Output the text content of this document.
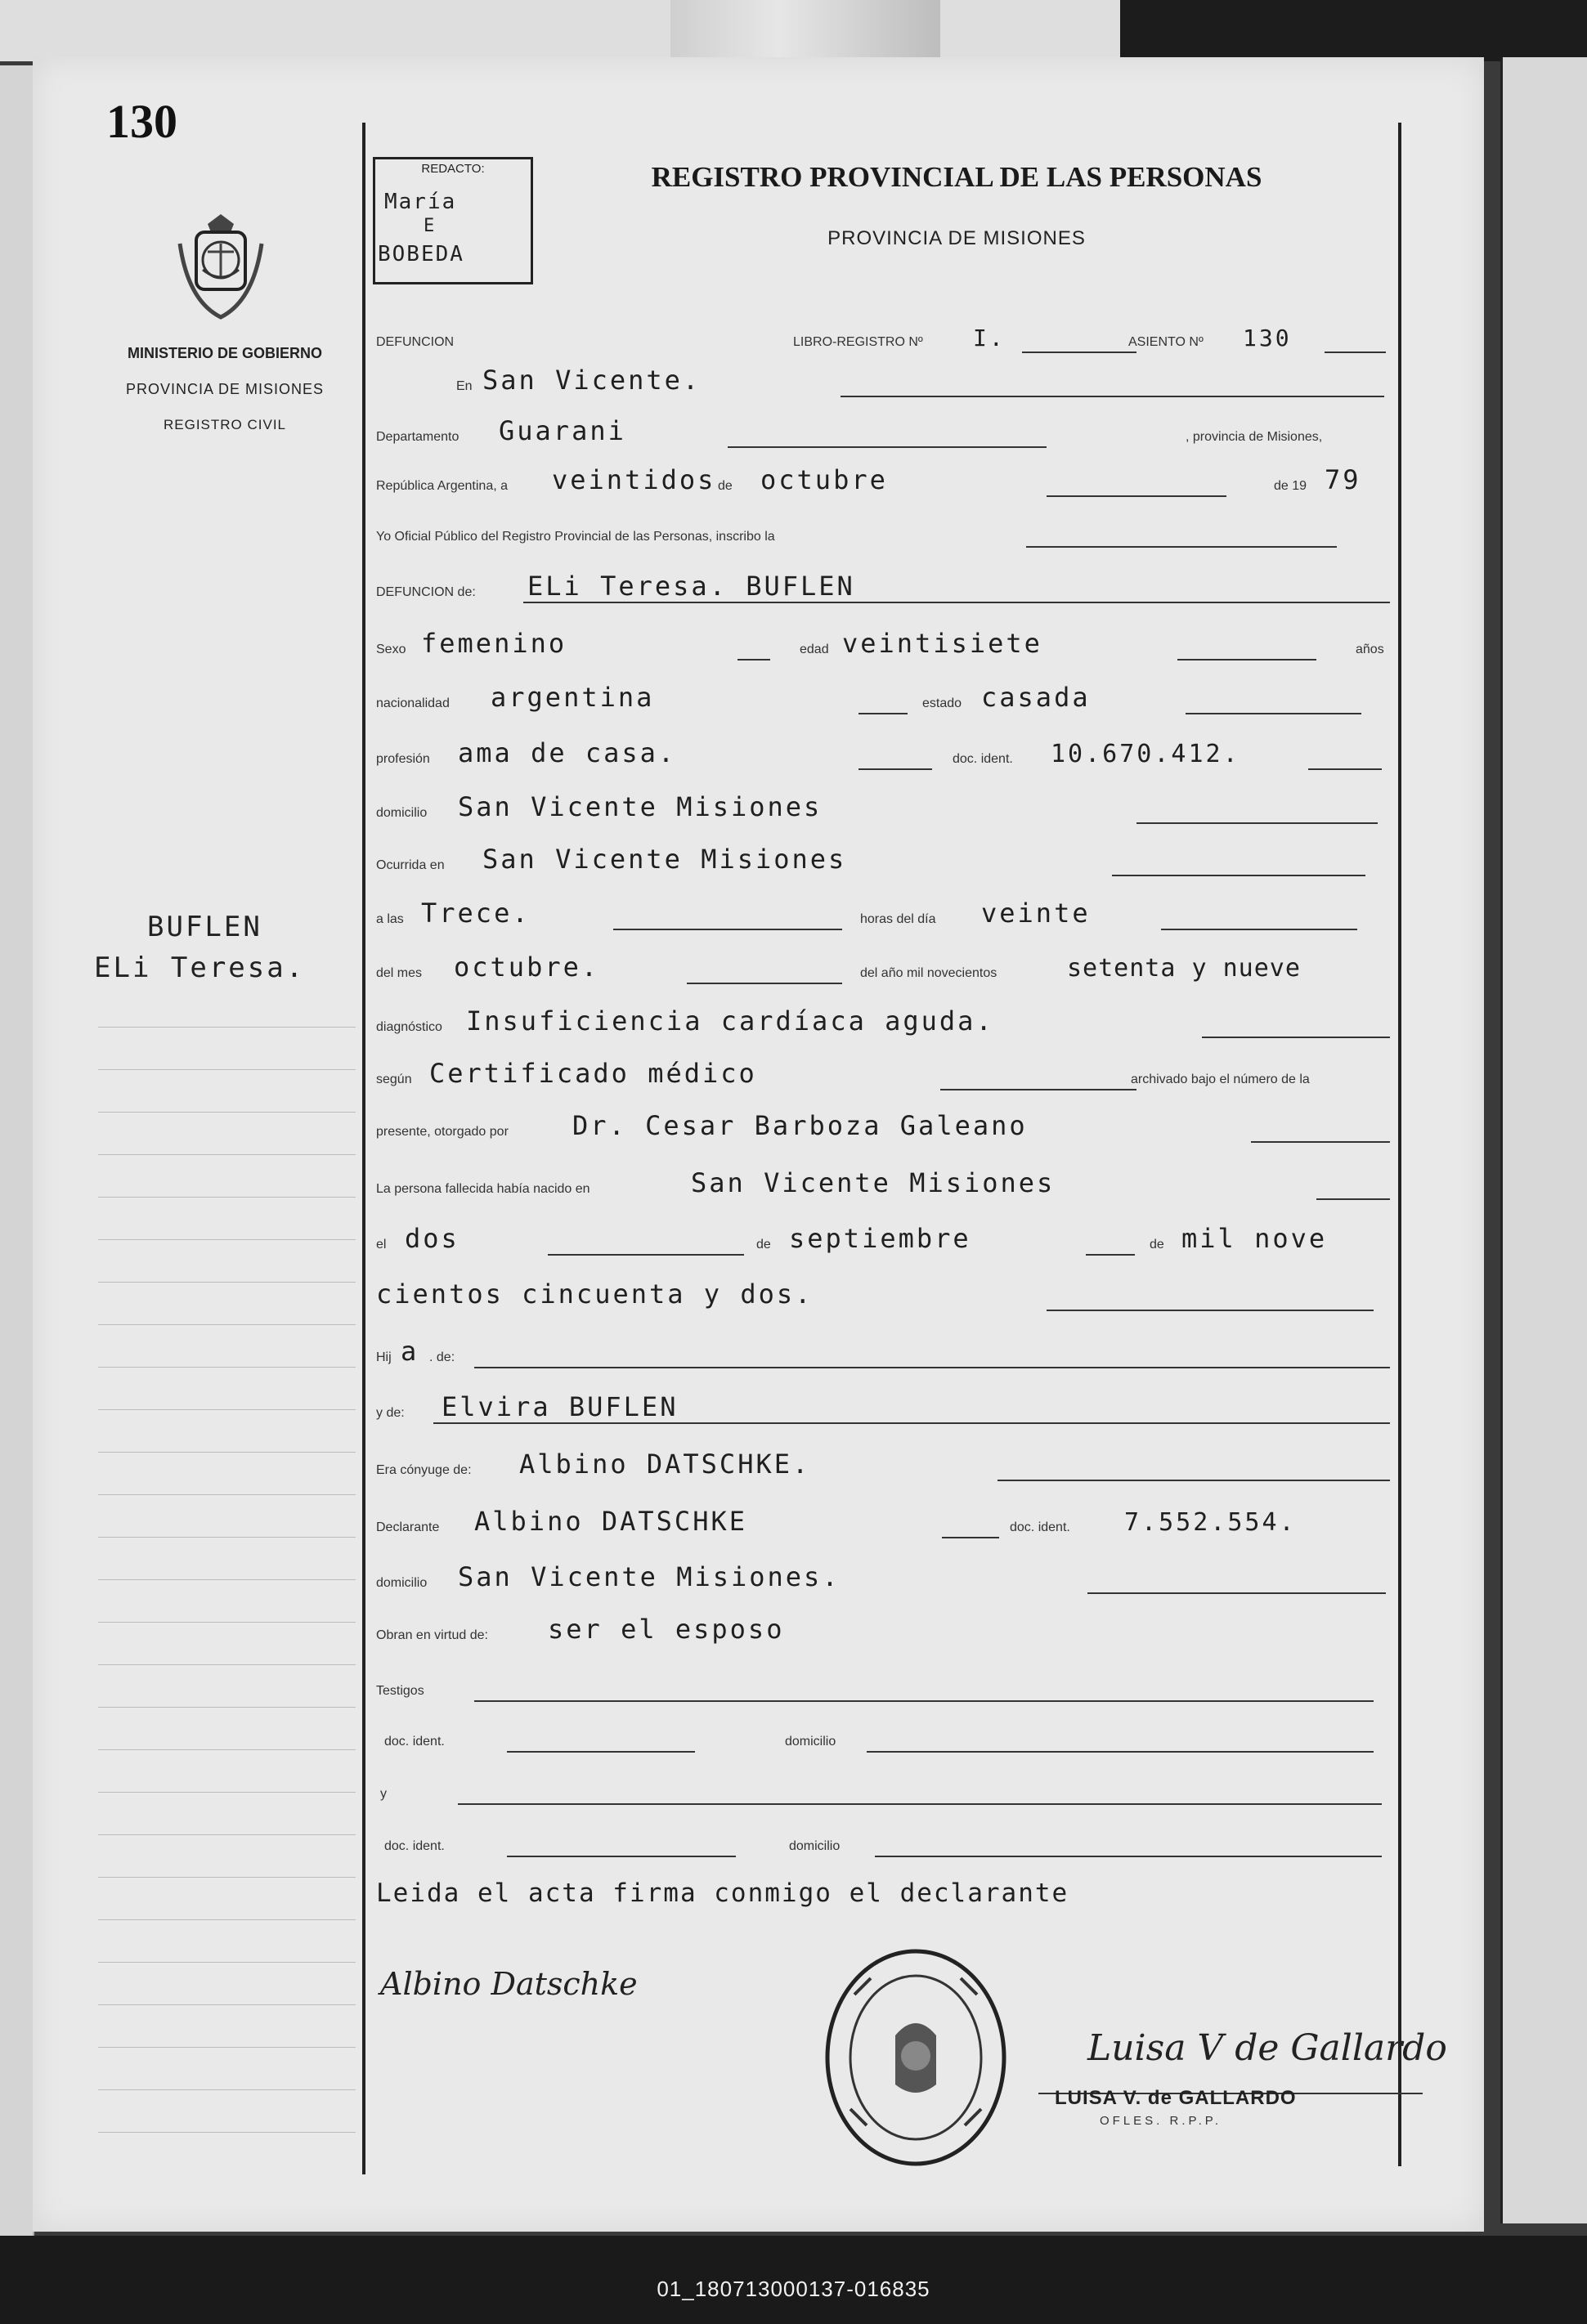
130
MINISTERIO DE GOBIERNO
PROVINCIA DE MISIONES
REGISTRO CIVIL
REDACTO:
María
E
BOBEDA
REGISTRO PROVINCIAL DE LAS PERSONAS
PROVINCIA DE MISIONES
DEFUNCION	LIBRO-REGISTRO Nº I.	ASIENTO Nº 130
En San Vicente.
Departamento Guarani	, provincia de Misiones,
República Argentina, a veintidos de octubre	de 19 79
Yo Oficial Público del Registro Provincial de las Personas, inscribo la
DEFUNCION de: ELi Teresa. BUFLEN
Sexo femenino	edad veintisiete	años
nacionalidad argentina	estado casada
profesión ama de casa.	doc. ident. 10.670.412.
domicilio San Vicente Misiones
Ocurrida en San Vicente Misiones
a las Trece.	horas del día veinte
del mes octubre.	del año mil novecientos	setenta y nueve
diagnóstico Insuficiencia cardíaca aguda.
según Certificado médico	archivado bajo el número de la
presente, otorgado por Dr. Cesar Barboza Galeano
La persona fallecida había nacido en	San Vicente Misiones
el dos	de septiembre	de mil nove
cientos cincuenta y dos.
Hij a . de:
y de: Elvira BUFLEN
Era cónyuge de: Albino DATSCHKE.
Declarante Albino DATSCHKE	doc. ident. 7.552.554.
domicilio San Vicente Misiones.
Obran en virtud de: ser el esposo
Testigos
doc. ident.	domicilio
y
doc. ident.	domicilio
Leida el acta firma conmigo el declarante
BUFLEN
ELi Teresa.
Albino Datschke
Luisa V de Gallardo
LUISA V. de GALLARDO
OFLES. R.P.P.
01_180713000137-016835
